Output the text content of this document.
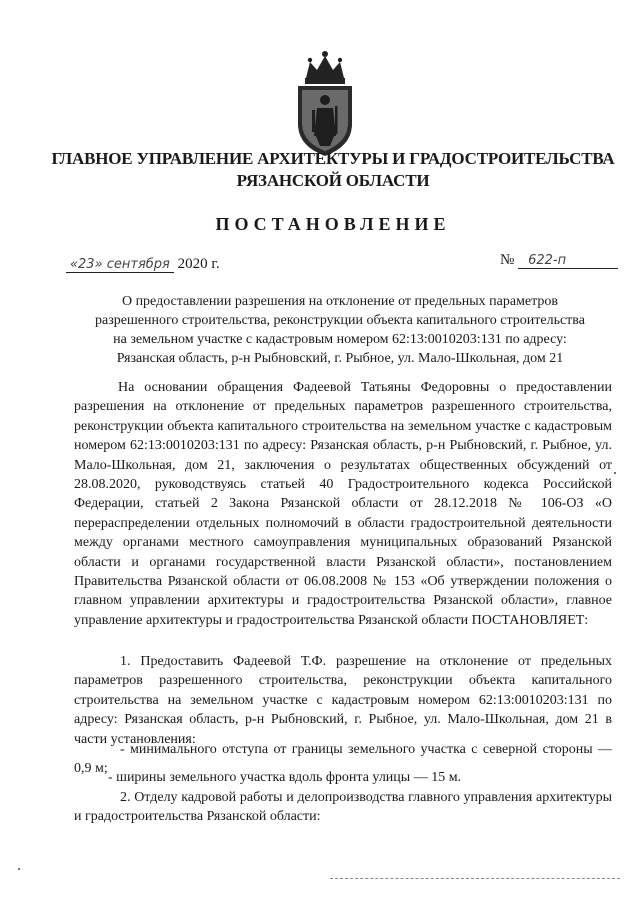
ГЛАВНОЕ УПРАВЛЕНИЕ АРХИТЕКТУРЫ И ГРАДОСТРОИТЕЛЬСТВА
РЯЗАНСКОЙ ОБЛАСТИ
ПОСТАНОВЛЕНИЕ
«23» сентября 2020 г.	№ 622-п
О предоставлении разрешения на отклонение от предельных параметров
разрешенного строительства, реконструкции объекта капитального строительства
на земельном участке с кадастровым номером 62:13:0010203:131 по адресу:
Рязанская область, р-н Рыбновский, г. Рыбное, ул. Мало-Школьная, дом 21
На основании обращения Фадеевой Татьяны Федоровны о предоставлении разрешения на отклонение от предельных параметров разрешенного строительства, реконструкции объекта капитального строительства на земельном участке с кадастровым номером 62:13:0010203:131 по адресу: Рязанская область, р-н Рыбновский, г. Рыбное, ул. Мало-Школьная, дом 21, заключения о результатах общественных обсуждений от 28.08.2020, руководствуясь статьей 40 Градостроительного кодекса Российской Федерации, статьей 2 Закона Рязанской области от 28.12.2018 № 106-ОЗ «О перераспределении отдельных полномочий в области градостроительной деятельности между органами местного самоуправления муниципальных образований Рязанской области и органами государственной власти Рязанской области», постановлением Правительства Рязанской области от 06.08.2008 № 153 «Об утверждении положения о главном управлении архитектуры и градостроительства Рязанской области», главное управление архитектуры и градостроительства Рязанской области ПОСТАНОВЛЯЕТ:
1. Предоставить Фадеевой Т.Ф. разрешение на отклонение от предельных параметров разрешенного строительства, реконструкции объекта капитального строительства на земельном участке с кадастровым номером 62:13:0010203:131 по адресу: Рязанская область, р-н Рыбновский, г. Рыбное, ул. Мало-Школьная, дом 21 в части установления:
- минимального отступа от границы земельного участка с северной стороны — 0,9 м;
- ширины земельного участка вдоль фронта улицы — 15 м.
2. Отделу кадровой работы и делопроизводства главного управления архитектуры и градостроительства Рязанской области:
